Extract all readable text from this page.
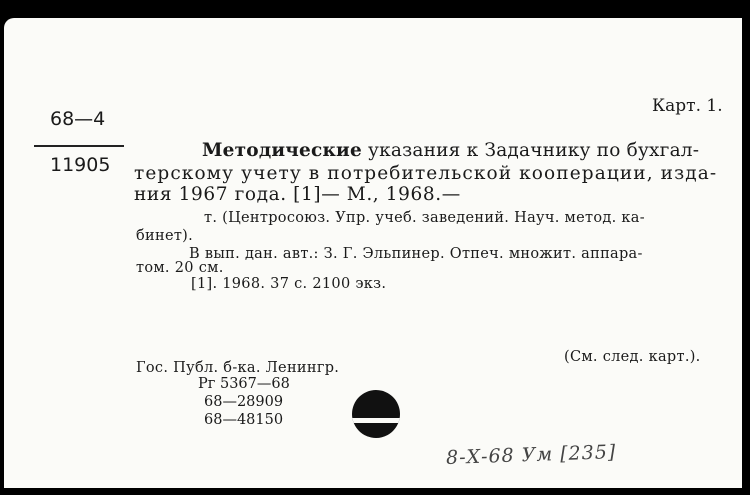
68—4
11905
Карт. 1.
Методические указания к Задачнику по бухгал-
терскому учету в потребительской кооперации, изда-
ния 1967 года. [1]— М., 1968.—
т. (Центросоюз. Упр. учеб. заведений. Науч. метод. ка-
бинет).
В вып. дан. авт.: З. Г. Эльпинер. Отпеч. множит. аппара-
том. 20 см.
[1]. 1968. 37 с. 2100 экз.
Гос. Публ. б-ка. Ленингр.
Рг 5367—68
68—28909
68—48150
(См. след. карт.).
8-Х-68 Ум [235]
